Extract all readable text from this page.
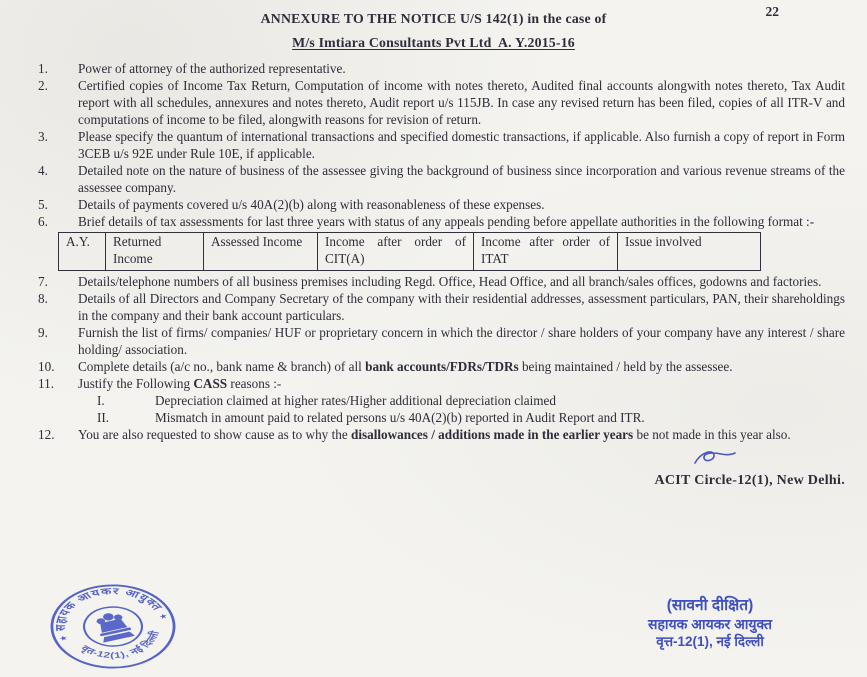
22
ANNEXURE TO THE NOTICE U/S 142(1) in the case of
M/s Imtiara Consultants Pvt Ltd  A. Y.2015-16
1.	Power of attorney of the authorized representative.
2.	Certified copies of Income Tax Return, Computation of income with notes thereto, Audited final accounts alongwith notes thereto, Tax Audit report with all schedules, annexures and notes thereto, Audit report u/s 115JB. In case any revised return has been filed, copies of all ITR-V and computations of income to be filed, alongwith reasons for revision of return.
3.	Please specify the quantum of international transactions and specified domestic transactions, if applicable. Also furnish a copy of report in Form 3CEB u/s 92E under Rule 10E, if applicable.
4.	Detailed note on the nature of business of the assessee giving the background of business since incorporation and various revenue streams of the assessee company.
5.	Details of payments covered u/s 40A(2)(b) along with reasonableness of these expenses.
6.	Brief details of tax assessments for last three years with status of any appeals pending before appellate authorities in the following format :-
A.Y.	Returned Income	Assessed Income	Income after order of CIT(A)	Income after order of ITAT	Issue involved
7.	Details/telephone numbers of all business premises including Regd. Office, Head Office, and all branch/sales offices, godowns and factories.
8.	Details of all Directors and Company Secretary of the company with their residential addresses, assessment particulars, PAN, their shareholdings in the company and their bank account particulars.
9.	Furnish the list of firms/ companies/ HUF or proprietary concern in which the director / share holders of your company have any interest / share holding/ association.
10.	Complete details (a/c no., bank name & branch) of all bank accounts/FDRs/TDRs being maintained / held by the assessee.
11.	Justify the Following CASS reasons :-
I.	Depreciation claimed at higher rates/Higher additional depreciation claimed
II.	Mismatch in amount paid to related persons u/s 40A(2)(b) reported in Audit Report and ITR.
12.	You are also requested to show cause as to why the disallowances / additions made in the earlier years be not made in this year also.
ACIT Circle-12(1), New Delhi.
सहायक आयकर आयुक्त
वृत-12(1), नई दिल्ली
★
★
(सावनी दीक्षित)
सहायक आयकर आयुक्त
वृत्त-12(1), नई दिल्ली
